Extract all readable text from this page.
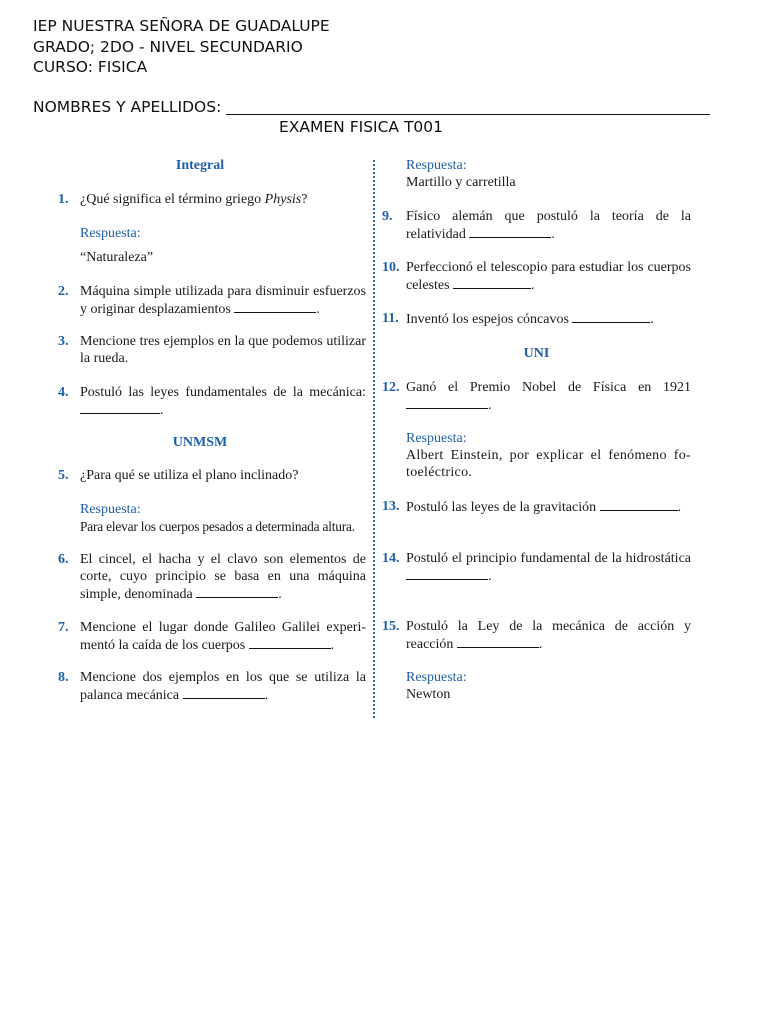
IEP NUESTRA SEÑORA DE GUADALUPE
GRADO; 2DO - NIVEL SECUNDARIO
CURSO: FISICA
NOMBRES Y APELLIDOS:
EXAMEN FISICA T001
Integral
1. ¿Qué significa el término griego Physis?
Respuesta:
“Naturaleza”
2. Máquina simple utilizada para disminuir esfuerzos y originar desplazamientos	.
3. Mencione tres ejemplos en la que podemos utilizar la rueda.
4. Postuló las leyes fundamentales de la mecánica: .
UNMSM
5. ¿Para qué se utiliza el plano inclinado?
Respuesta:
Para elevar los cuerpos pesados a determinada altura.
6. El cincel, el hacha y el clavo son elementos de corte, cuyo principio se basa en una máquina simple, denominada	.
7. Mencione el lugar donde Galileo Galilei experi-mentó la caída de los cuerpos	.
8. Mencione dos ejemplos en los que se utiliza la palanca mecánica	.
Respuesta:
Martillo y carretilla
9. Físico alemán que postuló la teoría de la relatividad	.
10. Perfeccionó el telescopio para estudiar los cuerpos celestes	.
11. Inventó los espejos cóncavos	.
UNI
12. Ganó el Premio Nobel de Física en 1921
.
Respuesta:
Albert Einstein, por explicar el fenómeno fo-toeléctrico.
13. Postuló las leyes de la gravitación	.
14. Postuló el principio fundamental de la hidrostática .
15. Postuló la Ley de la mecánica de acción y reacción	.
Respuesta:
Newton
